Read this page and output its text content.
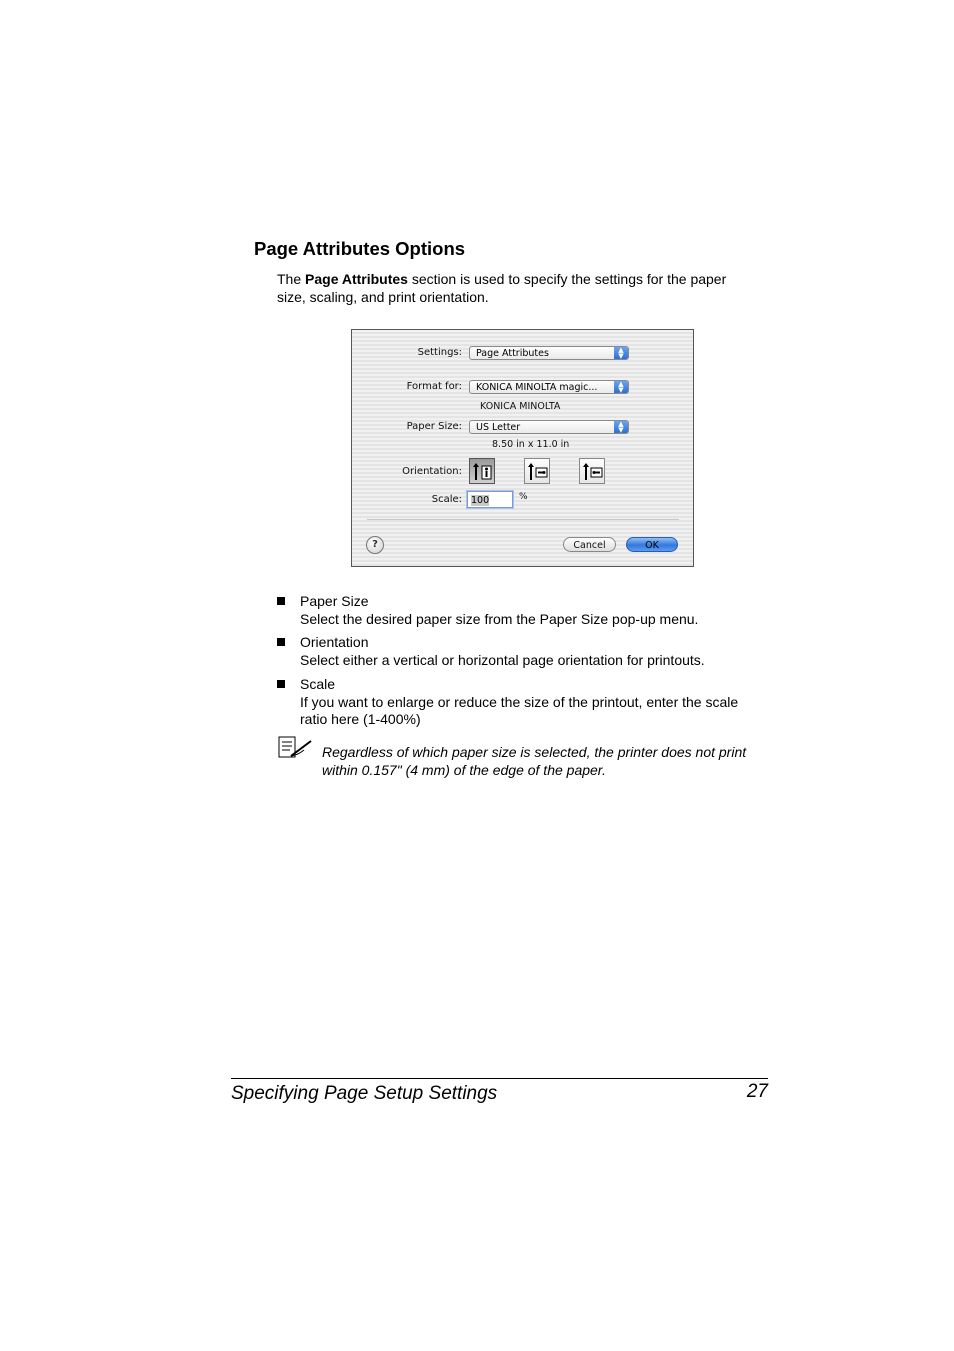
Page Attributes Options
The Page Attributes section is used to specify the settings for the paper size, scaling, and print orientation.
Settings:	Page Attributes	▲
▼
Format for:	KONICA MINOLTA magic...	▲
▼
KONICA MINOLTA
Paper Size:	US Letter	▲
▼
8.50 in x 11.0 in
Orientation:
Scale: 100	%
?	Cancel	OK
Paper Size
Select the desired paper size from the Paper Size pop-up menu.
Orientation
Select either a vertical or horizontal page orientation for printouts.
Scale
If you want to enlarge or reduce the size of the printout, enter the scale ratio here (1-400%)
Regardless of which paper size is selected, the printer does not print within 0.157" (4 mm) of the edge of the paper.
Specifying Page Setup Settings	27
